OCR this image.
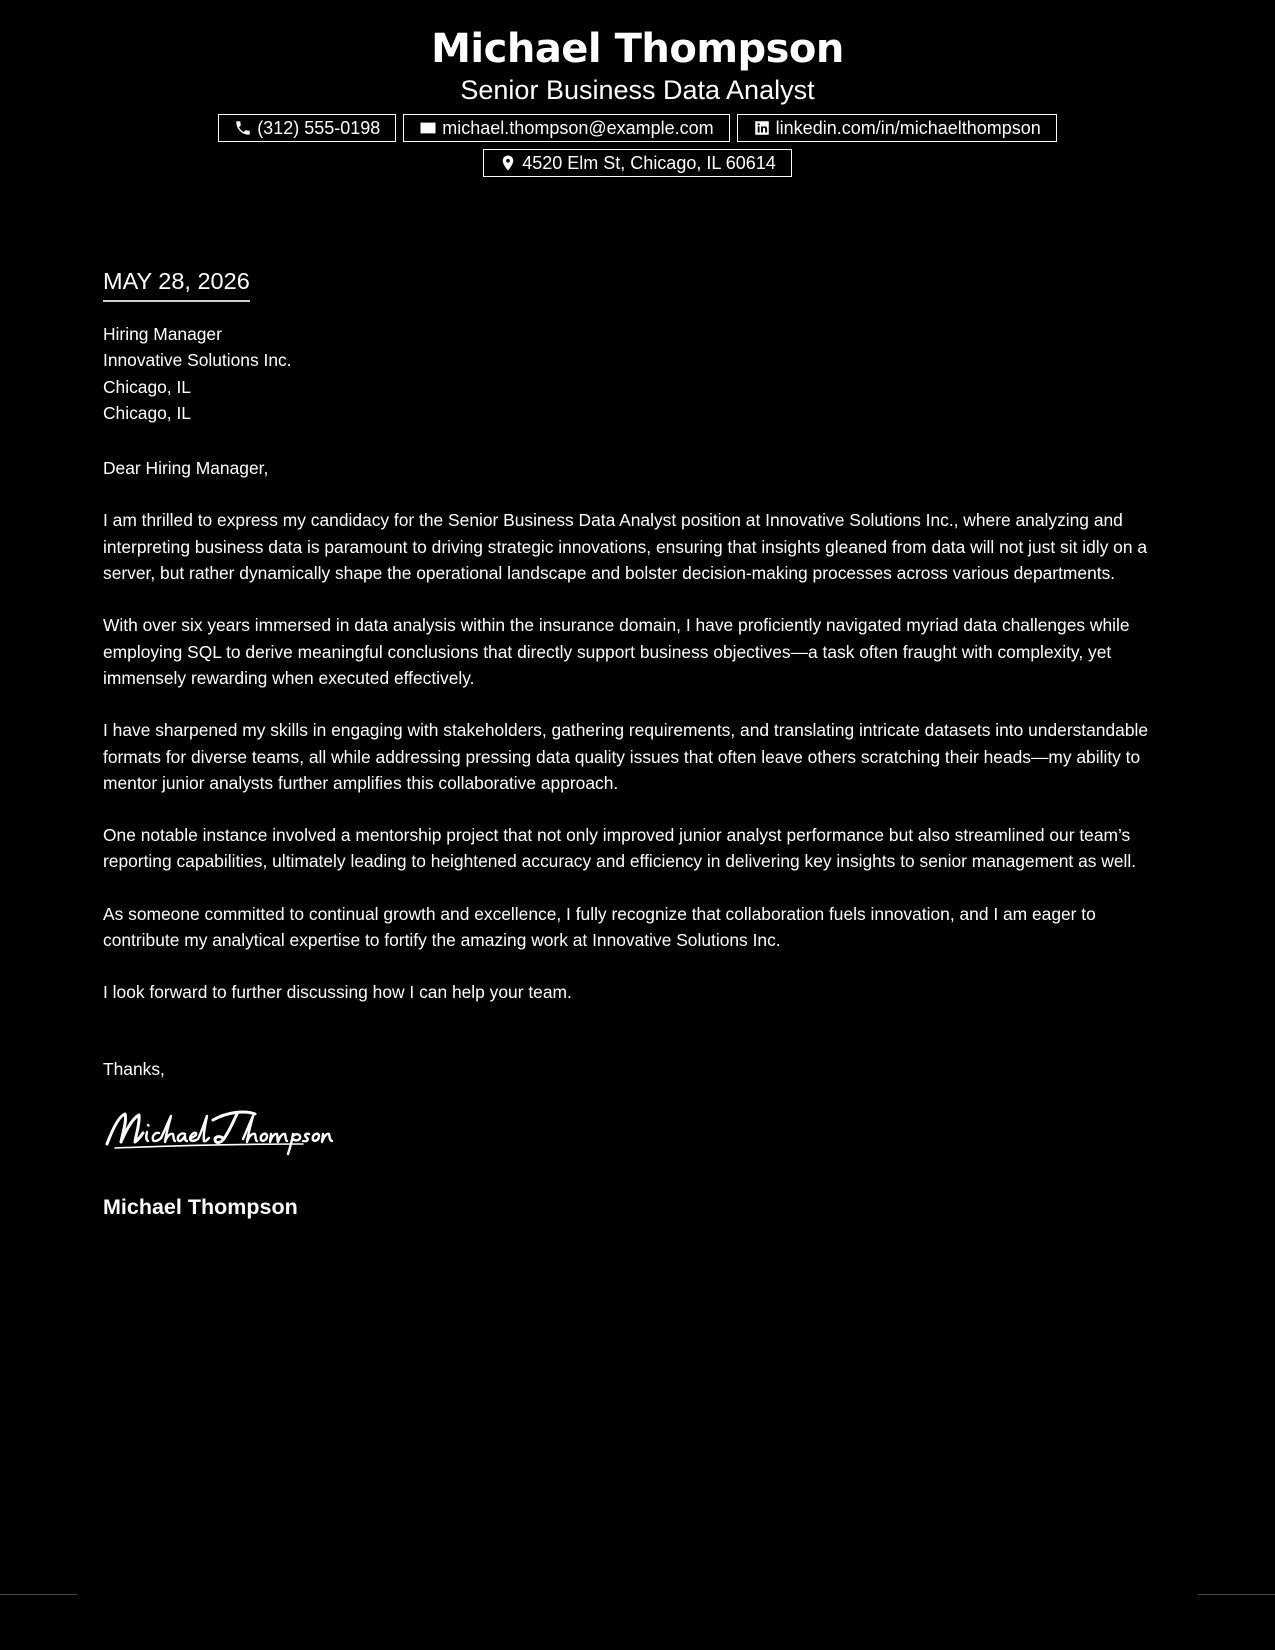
Michael Thompson
Senior Business Data Analyst
(312) 555-0198	michael.thompson@example.com	linkedin.com/in/michaelthompson
4520 Elm St, Chicago, IL 60614
MAY 28, 2026
Hiring Manager
Innovative Solutions Inc.
Chicago, IL
Chicago, IL
Dear Hiring Manager,

I am thrilled to express my candidacy for the Senior Business Data Analyst position at Innovative Solutions Inc., where analyzing and interpreting business data is paramount to driving strategic innovations, ensuring that insights gleaned from data will not just sit idly on a server, but rather dynamically shape the operational landscape and bolster decision-making processes across various departments.

With over six years immersed in data analysis within the insurance domain, I have proficiently navigated myriad data challenges while employing SQL to derive meaningful conclusions that directly support business objectives—a task often fraught with complexity, yet immensely rewarding when executed effectively.

I have sharpened my skills in engaging with stakeholders, gathering requirements, and translating intricate datasets into understandable formats for diverse teams, all while addressing pressing data quality issues that often leave others scratching their heads—my ability to mentor junior analysts further amplifies this collaborative approach.

One notable instance involved a mentorship project that not only improved junior analyst performance but also streamlined our team’s reporting capabilities, ultimately leading to heightened accuracy and efficiency in delivering key insights to senior management as well.

As someone committed to continual growth and excellence, I fully recognize that collaboration fuels innovation, and I am eager to contribute my analytical expertise to fortify the amazing work at Innovative Solutions Inc.

I look forward to further discussing how I can help your team.

Thanks,
Michael Thompson
